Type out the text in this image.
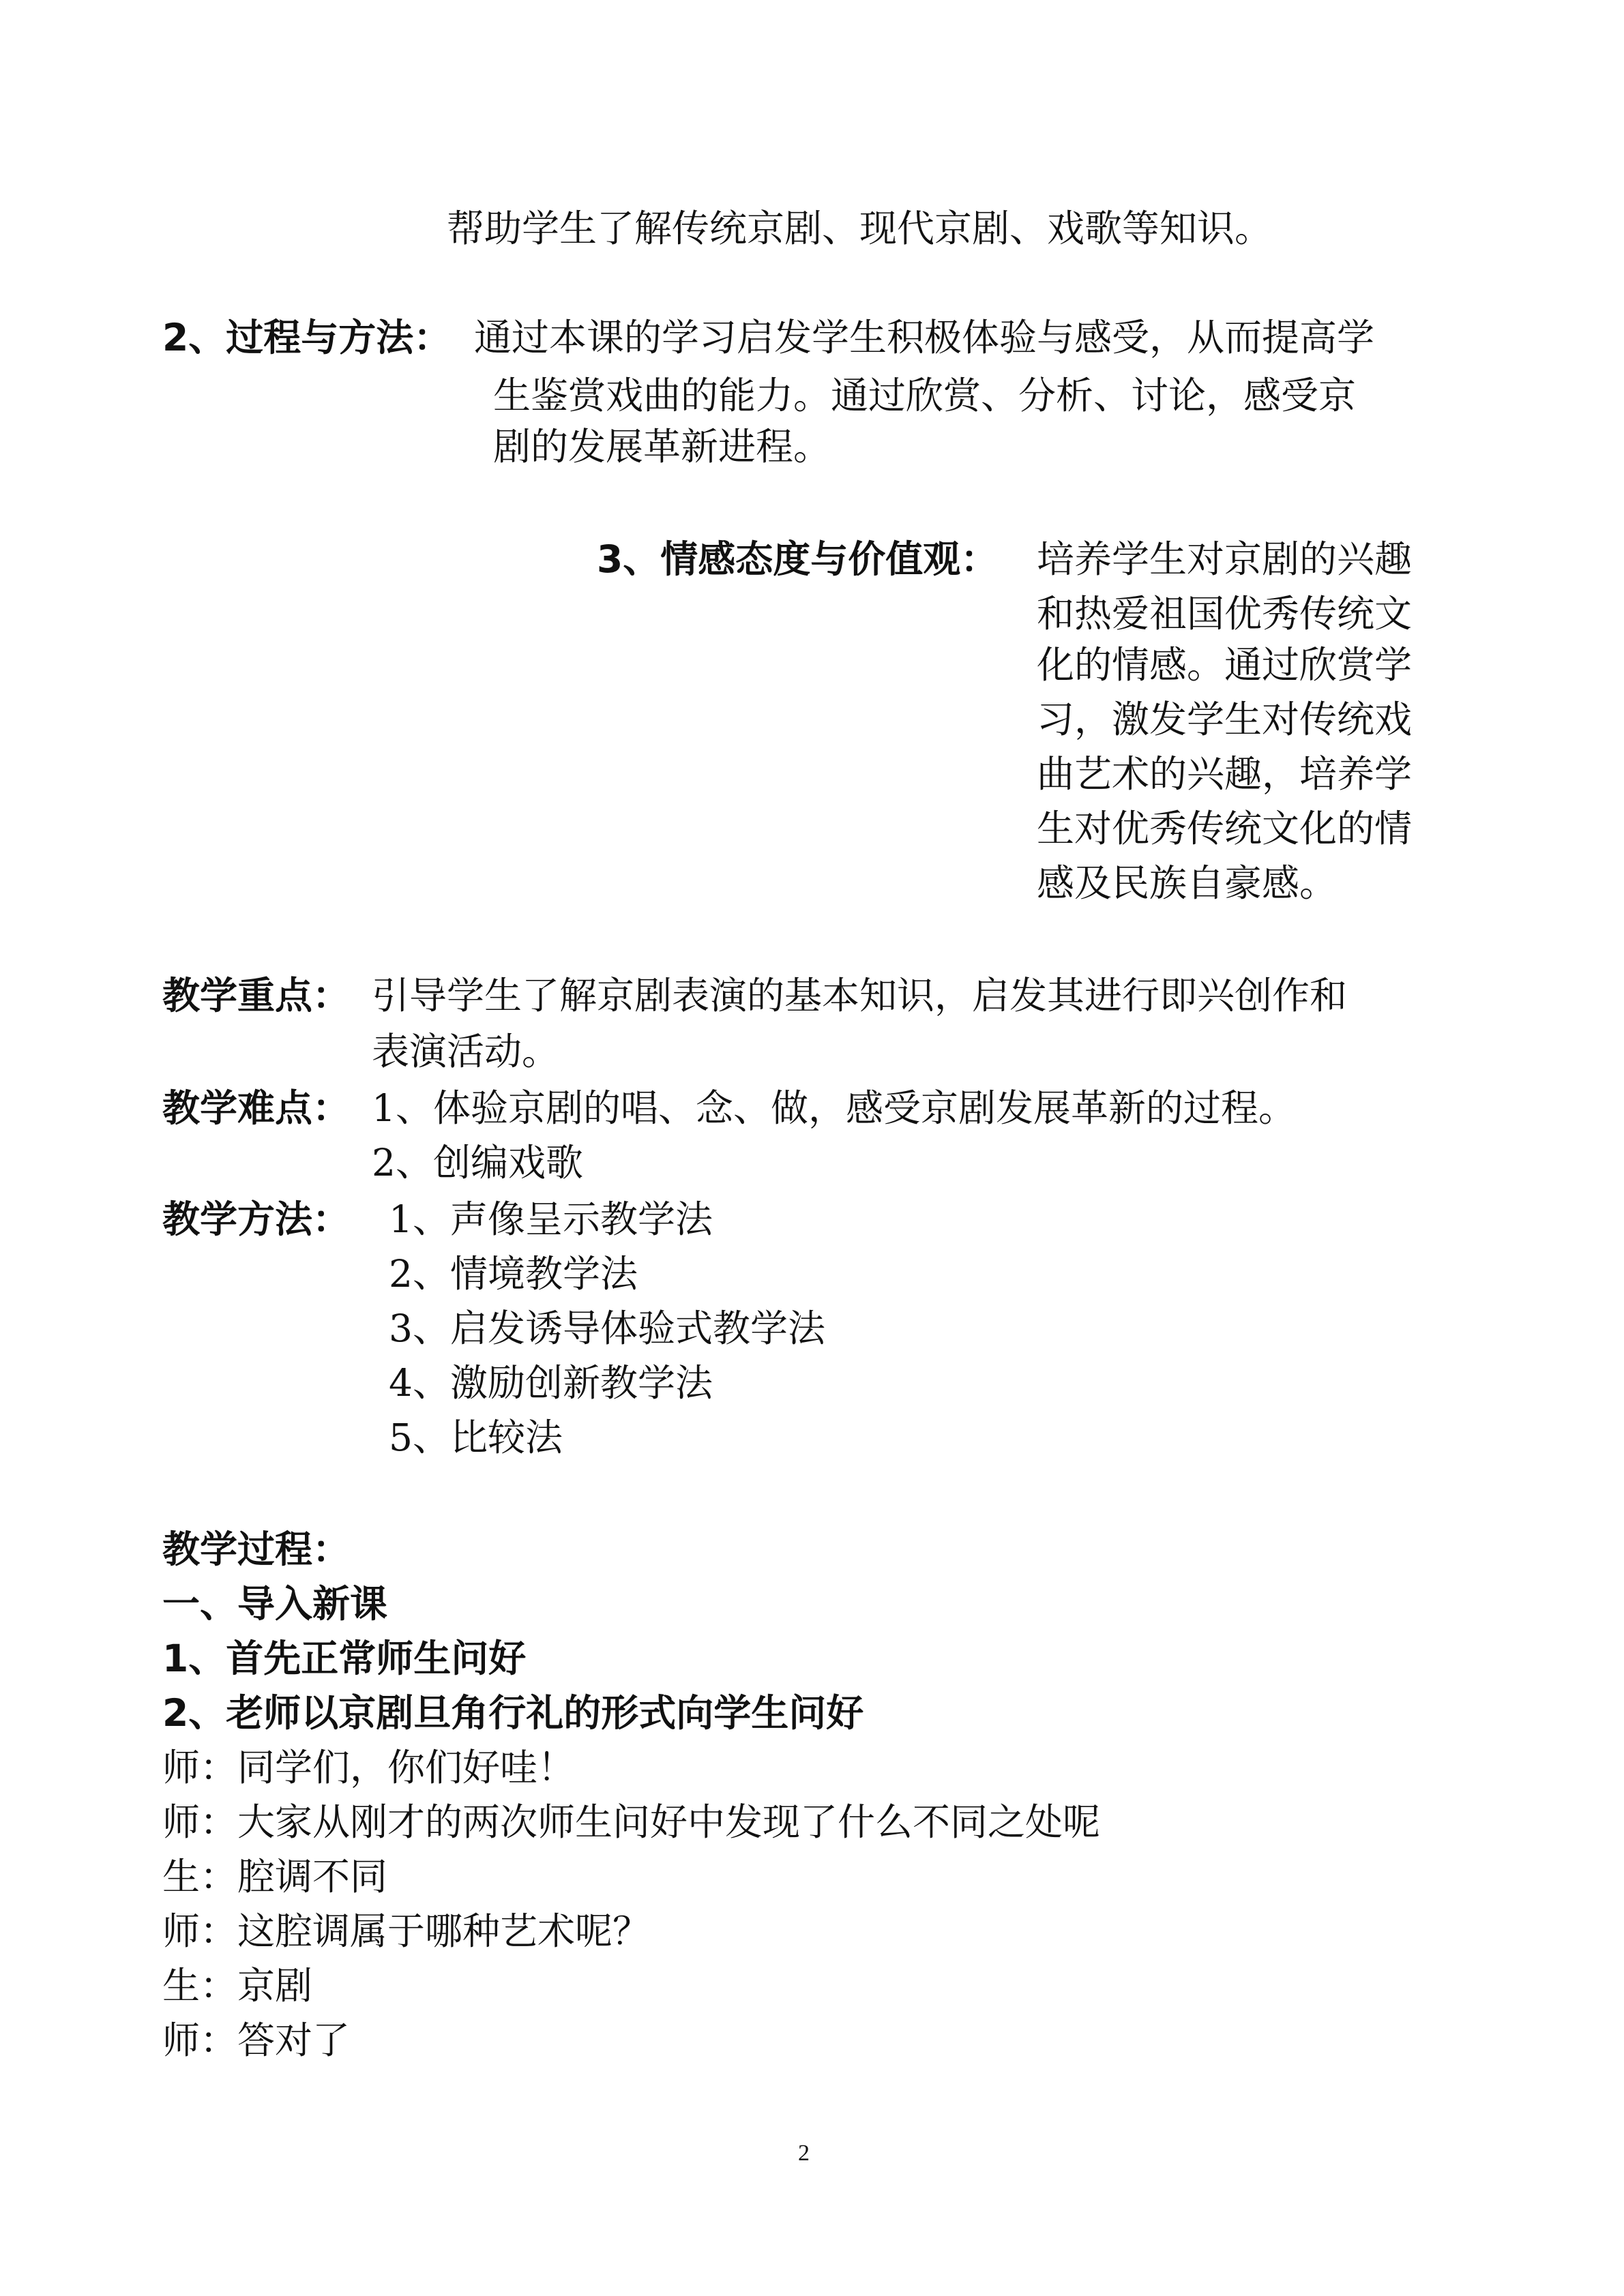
帮助学生了解传统京剧、现代京剧、戏歌等知识。
2、过程与方法： 通过本课的学习启发学生积极体验与感受，从而提高学
生鉴赏戏曲的能力。通过欣赏、分析、讨论，感受京
剧的发展革新进程。
3、情感态度与价值观： 培养学生对京剧的兴趣
和热爱祖国优秀传统文
化的情感。通过欣赏学
习，激发学生对传统戏
曲艺术的兴趣，培养学
生对优秀传统文化的情
感及民族自豪感。
教学重点： 引导学生了解京剧表演的基本知识，启发其进行即兴创作和
表演活动。
教学难点： 1、体验京剧的唱、念、做，感受京剧发展革新的过程。
2、创编戏歌
教学方法： 1、声像呈示教学法
2、情境教学法
3、启发诱导体验式教学法
4、激励创新教学法
5、比较法
教学过程：
一、导入新课
1、首先正常师生问好
2、老师以京剧旦角行礼的形式向学生问好
师：同学们，你们好哇！
师：大家从刚才的两次师生问好中发现了什么不同之处呢
生：腔调不同
师：这腔调属于哪种艺术呢？
生：京剧
师：答对了
2
